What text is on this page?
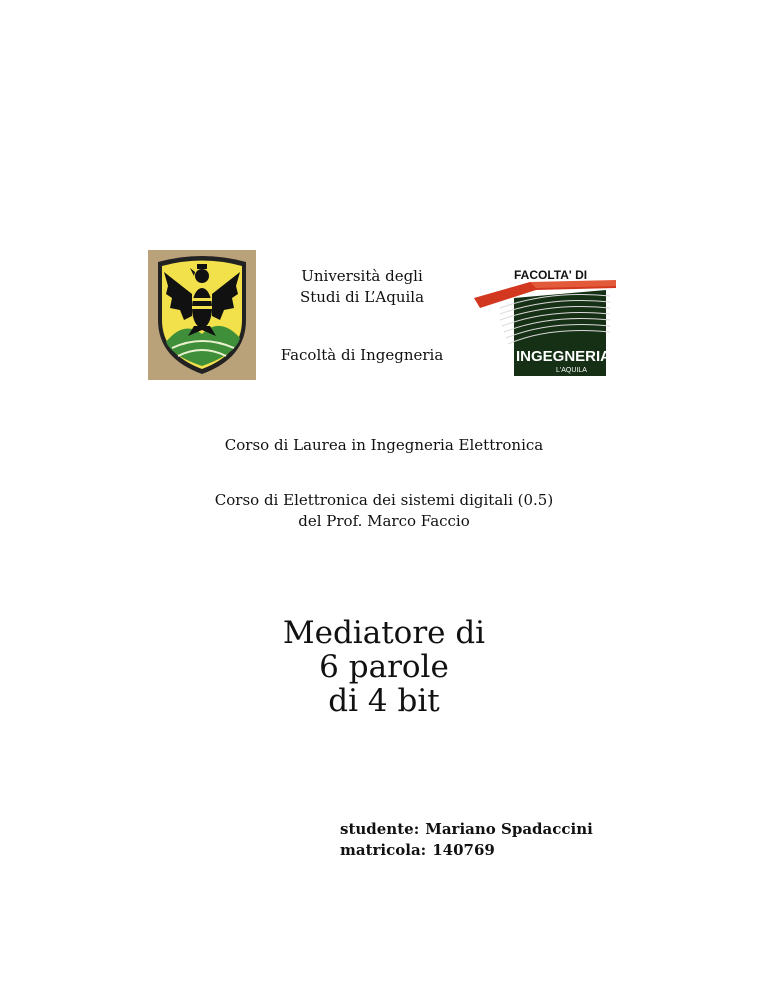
Università degli
Studi di L’Aquila
Facoltà di Ingegneria
FACOLTA' DI
INGEGNERIA
L'AQUILA
Corso di Laurea in Ingegneria Elettronica
Corso di Elettronica dei sistemi digitali (0.5)
del Prof. Marco Faccio
Mediatore di
6 parole
di 4 bit
studente: Mariano Spadaccini
matricola: 140769
